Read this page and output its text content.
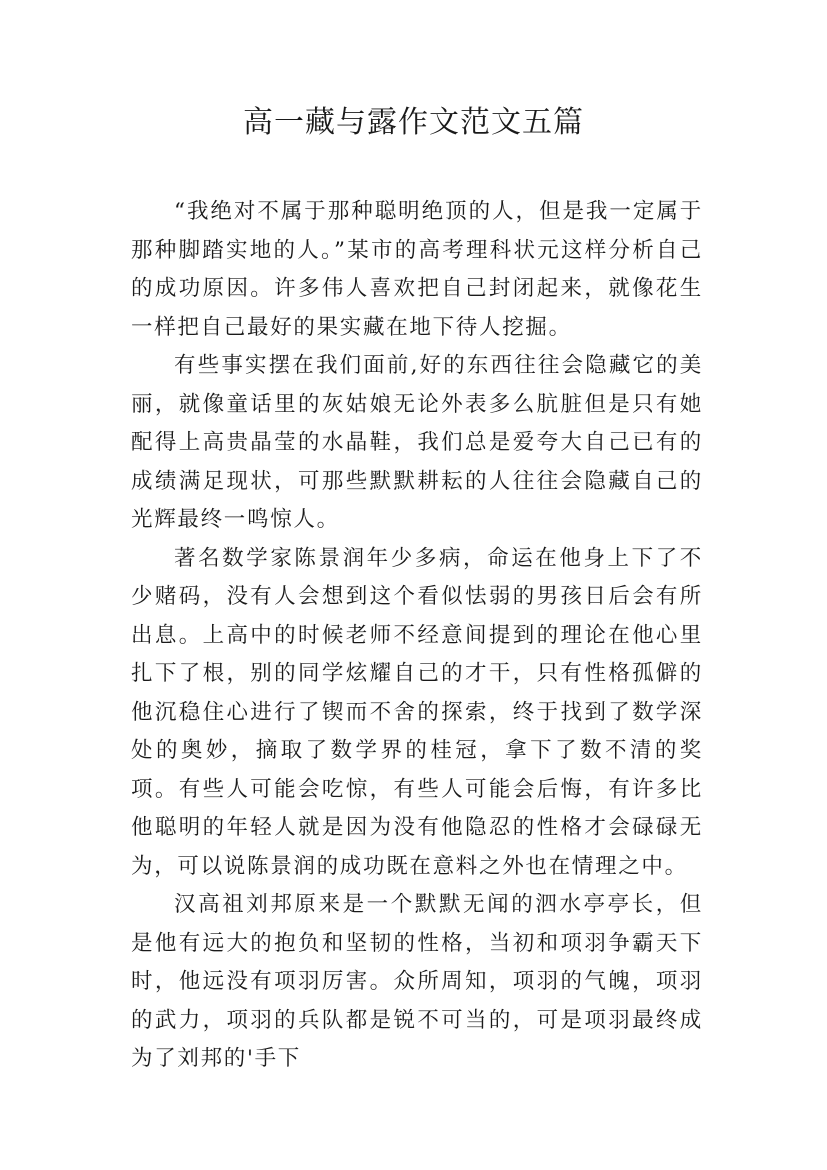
高一藏与露作文范文五篇

“我绝对不属于那种聪明绝顶的人，但是我一定属于那种脚踏实地的人。”某市的高考理科状元这样分析自己的成功原因。许多伟人喜欢把自己封闭起来，就像花生一样把自己最好的果实藏在地下待人挖掘。

有些事实摆在我们面前,好的东西往往会隐藏它的美丽，就像童话里的灰姑娘无论外表多么肮脏但是只有她配得上高贵晶莹的水晶鞋，我们总是爱夸大自己已有的成绩满足现状，可那些默默耕耘的人往往会隐藏自己的光辉最终一鸣惊人。

著名数学家陈景润年少多病，命运在他身上下了不少赌码，没有人会想到这个看似怯弱的男孩日后会有所出息。上高中的时候老师不经意间提到的理论在他心里扎下了根，别的同学炫耀自己的才干，只有性格孤僻的他沉稳住心进行了锲而不舍的探索，终于找到了数学深处的奥妙，摘取了数学界的桂冠，拿下了数不清的奖项。有些人可能会吃惊，有些人可能会后悔，有许多比他聪明的年轻人就是因为没有他隐忍的性格才会碌碌无为，可以说陈景润的成功既在意料之外也在情理之中。

汉高祖刘邦原来是一个默默无闻的泗水亭亭长，但是他有远大的抱负和坚韧的性格，当初和项羽争霸天下时，他远没有项羽厉害。众所周知，项羽的气魄，项羽的武力，项羽的兵队都是锐不可当的，可是项羽最终成为了刘邦的'手下
